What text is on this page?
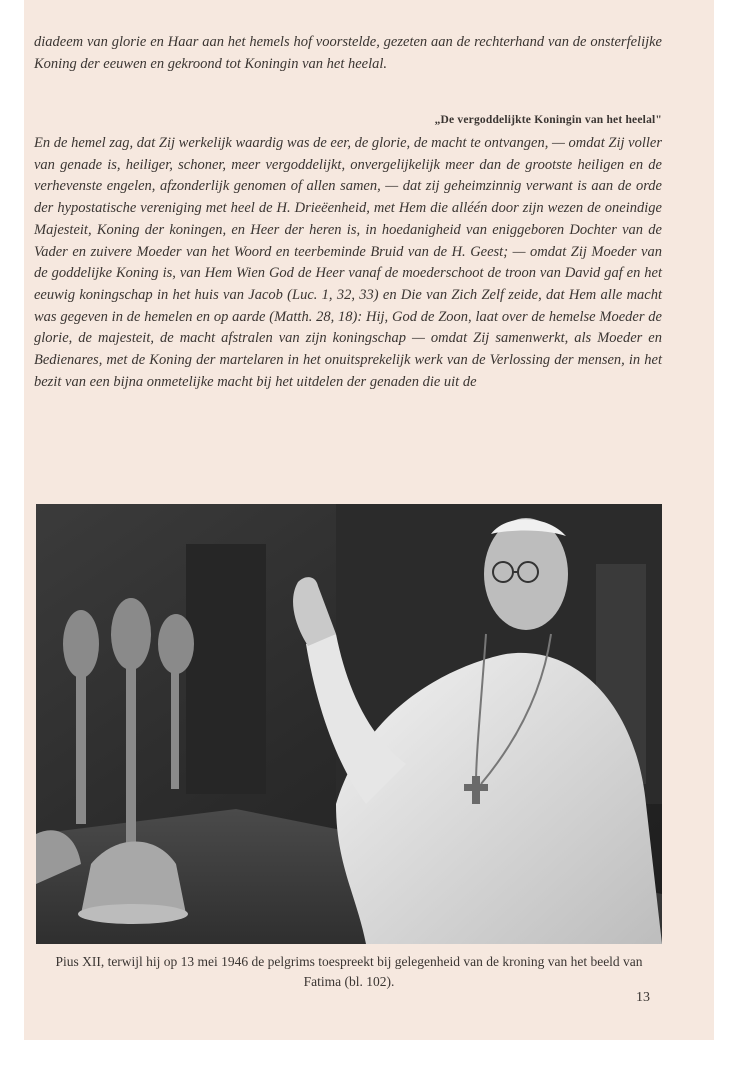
diadeem van glorie en Haar aan het hemels hof voorstelde, gezeten aan de rechterhand van de onsterfelijke Koning der eeuwen en gekroond tot Koningin van het heelal.

„De vergoddelijkte Koningin van het heelal"

En de hemel zag, dat Zij werkelijk waardig was de eer, de glorie, de macht te ontvangen, — omdat Zij voller van genade is, heiliger, schoner, meer vergoddelijkt, onvergelijkelijk meer dan de grootste heiligen en de verhevenste engelen, afzonderlijk genomen of allen samen, — dat zij geheimzinnig verwant is aan de orde der hypostatische vereniging met heel de H. Drieëenheid, met Hem die alléén door zijn wezen de oneindige Majesteit, Koning der koningen, en Heer der heren is, in hoedanigheid van eniggeboren Dochter van de Vader en zuivere Moeder van het Woord en teerbeminde Bruid van de H. Geest; — omdat Zij Moeder van de goddelijke Koning is, van Hem Wien God de Heer vanaf de moederschoot de troon van David gaf en het eeuwig koningschap in het huis van Jacob (Luc. 1, 32, 33) en Die van Zich Zelf zeide, dat Hem alle macht was gegeven in de hemelen en op aarde (Matth. 28, 18): Hij, God de Zoon, laat over de hemelse Moeder de glorie, de majesteit, de macht afstralen van zijn koningschap — omdat Zij samenwerkt, als Moeder en Bedienares, met de Koning der martelaren in het onuitsprekelijk werk van de Verlossing der mensen, in het bezit van een bijna onmetelijke macht bij het uitdelen der genaden die uit de

Pius XII, terwijl hij op 13 mei 1946 de pelgrims toespreekt bij gelegenheid van de kroning van het beeld van Fatima (bl. 102).

13
